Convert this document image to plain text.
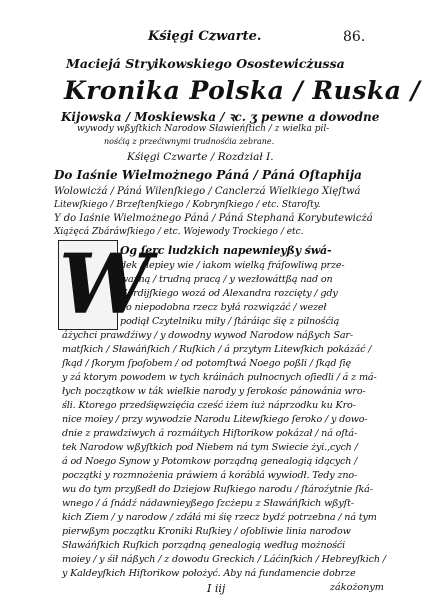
Kśięgi Czwarte.	86.
Maciejá Stryikowskiego Osostewicżussa
Kronika Polska / Ruska /
Kijowska / Moskiewska / ꝛc. ʒ pewne a dowodne
wywody wßyſtkich Narodow Sławieńſtich / z wielka pil-
nośćią z przećiwnymi trudnośćia zebrane.
Kśięgi Czwarte / Rozdział I.
Do Iaśnie Wielmożnego Páná / Páná Oſtaphija
Wolowicżá / Páná Wilenſkiego / Canclerzá Wielkiego Xięſtwá
Litewſkiego / Brzeſtenſkiego / Kobrynſkiego / etc. Staroſty.
Y do Iaśnie Wielmożnego Páná / Páná Stephaná Korybutewicżá
Xiążęcá Zbáráwſkiego / etc. Wojewody Trockiego / etc.
W
Og ſerc ludzkich napewnieyßy śwá-
dek / lepiey wie / iakom wielką fráſowliwą prze-
ważną / trudną pracą / y wezłowáttßą nad on
Gordijſkiego wozá od Alexandra rozcięty / gdy
go niepodobna rzecz byłá rozwiązáć / wezeł
podiął Czytelniku miły / ſtáráiąc śię z pilnośćią
áżychci prawdźiwy / y dowodny wywod Narodow náßych Sar-
matſkich / Sławáńſkich / Ruſkich / á przytym Litewſkich pokázáć /
ſkąd / ſkorym ſpoſobem / od potomſtwá Noego poßli / ſkąd ſię
y zá ktorym powodem w tych kráinách pułnocnych oſiedli / á z má-
łych początkow w ták wielkie narody y ſerokośc pánowánia wro-
śli. Ktorego przedśięwzięćia cześć iżem iuż náprzodku ku Kro-
nice moiey / przy wywodzie Narodu Litewſkiego ſeroko / y dowo-
dnie z prawdziwych á rozmáitych Hiſtorikow pokázał / ná oſtá-
tek Narodow wßyſtkich pod Niebem ná tym Swiecie żyi.,cych /
á od Noego Synow y Potomkow porządną genealogią idących /
początki y rozmnożenia práwiem á koráblá wywiodł. Tedy zno-
wu do tym przyßedł do Dziejow Ruſkiego narodu / ſtároźytnie ſká-
wnego / á ſnádź nádawnieyßego ſzcżepu z Sławáńſkich wßyſt-
kich Ziem / y narodow / zdáłá mi śię rzecz bydź potrzebna / ná tym
pierwßym początku Kroniki Ruſkiey / oſobliwie linia narodow
Sławáńſkich Ruſkich porządną genealogią według możnośći
moiey / y śił náßych / z dowodu Greckich / Láćinſkich / Hebreyſkich /
y Kaldeyſkich Hiſtorikow położyć. Aby ná fundamencie dobrze
I iij	zákożonym
